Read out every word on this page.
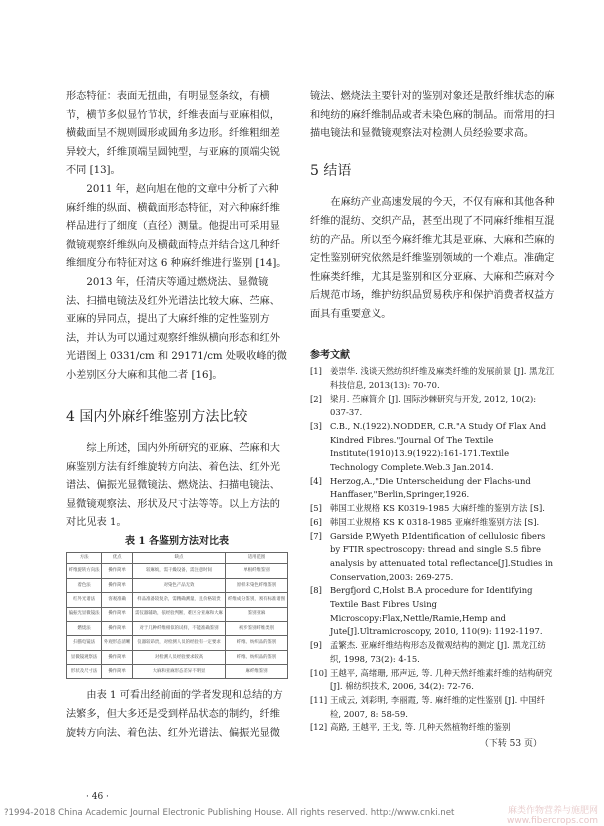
形态特征：表面无扭曲，有明显竖条纹，有横节，横节多似显竹节状，纤维表面与亚麻相似，横截面呈不规则圆形或圆角多边形。纤维粗细差异较大，纤维顶端呈圆钝型，与亚麻的顶端尖锐不同 [13]。

2011 年，赵向旭在他的文章中分析了六种麻纤维的纵面、横截面形态特征，对六种麻纤维样品进行了细度（直径）测量。他提出可采用显微镜观察纤维纵向及横截面特点并结合这几种纤维细度分布特征对这 6 种麻纤维进行鉴别 [14]。

2013 年，任清庆等通过燃烧法、显微镜法、扫描电镜法及红外光谱法比较大麻、苎麻、亚麻的异同点，提出了大麻纤维的定性鉴别方法，并认为可以通过观察纤维纵横向形态和红外光谱图上 0331/cm 和 29171/cm 处吸收峰的微小差别区分大麻和其他二者 [16]。

4 国内外麻纤维鉴别方法比较

综上所述，国内外所研究的亚麻、苎麻和大麻鉴别方法有纤维旋转方向法、着色法、红外光谱法、偏振光显微镜法、燃烧法、扫描电镜法、显微镜观察法、形状及尺寸法等等。以上方法的对比见表 1。

表 1 各鉴别方法对比表

方法	优点	缺点	适用范围
纤维旋转方向法	操作简单	较麻烦，需干燥设备，需注意时间	单根纤维鉴别
着色法	操作简单	对染色产品无效	原样未染色纤维鉴别
红外光谱法	客观准确	样品准备较复杂，需精确测量，且价格较贵	纤维成分鉴别，须有标准谱图
偏振光显微镜法	操作简单	需仪器辅助，依经验判断，难区分亚麻和大麻	鉴别亚麻
燃烧法	操作简单	对于几种纤维相似的试样，不能准确鉴别	初步鉴别纤维类别
扫描电镜法	外观形态清晰	仪器较昂贵，对检测人员的经验有一定要求	纤维、纺织品的鉴别
显微镜观察法	操作简单	对检测人员经验要求较高	纤维、纺织品的鉴别
形状及尺寸法	操作简单	大麻和亚麻形态差异不明显	麻纤维鉴别

由表 1 可看出经前面的学者发现和总结的方法繁多，但大多还是受到样品状态的制约，纤维旋转方向法、着色法、红外光谱法、偏振光显微

镜法、燃烧法主要针对的鉴别对象还是散纤维状态的麻和纯纺的麻纤维制品或者未染色麻的制品。而常用的扫描电镜法和显微镜观察法对检测人员经验要求高。

5 结语

在麻纺产业高速发展的今天，不仅有麻和其他各种纤维的混纺、交织产品，甚至出现了不同麻纤维相互混纺的产品。所以至今麻纤维尤其是亚麻、大麻和苎麻的定性鉴别研究依然是纤维鉴别领域的一个难点。准确定性麻类纤维，尤其是鉴别和区分亚麻、大麻和苎麻对今后规范市场，维护纺织品贸易秩序和保护消费者权益方面具有重要意义。

参考文献

[1] 姜崇华. 浅谈天然纺织纤维及麻类纤维的发展前景 [J]. 黑龙江科技信息, 2013(13): 70-70.
[2] 梁月. 苎麻简介 [J]. 国际沙棘研究与开发, 2012, 10(2): 037-37.
[3] C.B., N.(1922).NODDER, C.R."A Study Of Flax And Kindred Fibres."Journal Of The Textile Institute(1910)13.9(1922):161-171.Textile Technology Complete.Web.3 Jan.2014.
[4] Herzog,A.,"Die Unterscheidung der Flachs-und Hanffaser,"Berlin,Springer,1926.
[5] 韩国工业规格 KS K0319-1985 大麻纤维的鉴别方法 [S].
[6] 韩国工业规格 KS K 0318-1985 亚麻纤维鉴别方法 [S].
[7] Garside P,Wyeth P.Identification of cellulosic fibers by FTIR spectroscopy: thread and single S.5 fibre analysis by attenuated total reflectance[J].Studies in Conservation,2003: 269-275.
[8] Bergfjord C,Holst B.A procedure for Identifying Textile Bast Fibres Using Microscopy:Flax,Nettle/Ramie,Hemp and Jute[J].Ultramicroscopy, 2010, 110(9): 1192-1197.
[9] 孟繁杰. 亚麻纤维结构形态及微观结构的测定 [J]. 黑龙江纺织, 1998, 73(2): 4-15.
[10] 王越平, 高绪珊, 邢声远, 等. 几种天然纤维素纤维的结构研究 [J]. 棉纺织技术, 2006, 34(2): 72-76.
[11] 王成云, 刘彩明, 李丽霞, 等. 麻纤维的定性鉴别 [J]. 中国纤检, 2007, 8: 58-59.
[12] 高路, 王越平, 王戈, 等. 几种天然植物纤维的鉴别

（下转 53 页）

· 46 ·
?1994-2018 China Academic Journal Electronic Publishing House. All rights reserved. http://www.cnki.net	麻类作物营养与施肥网
www.fibercrops.com
